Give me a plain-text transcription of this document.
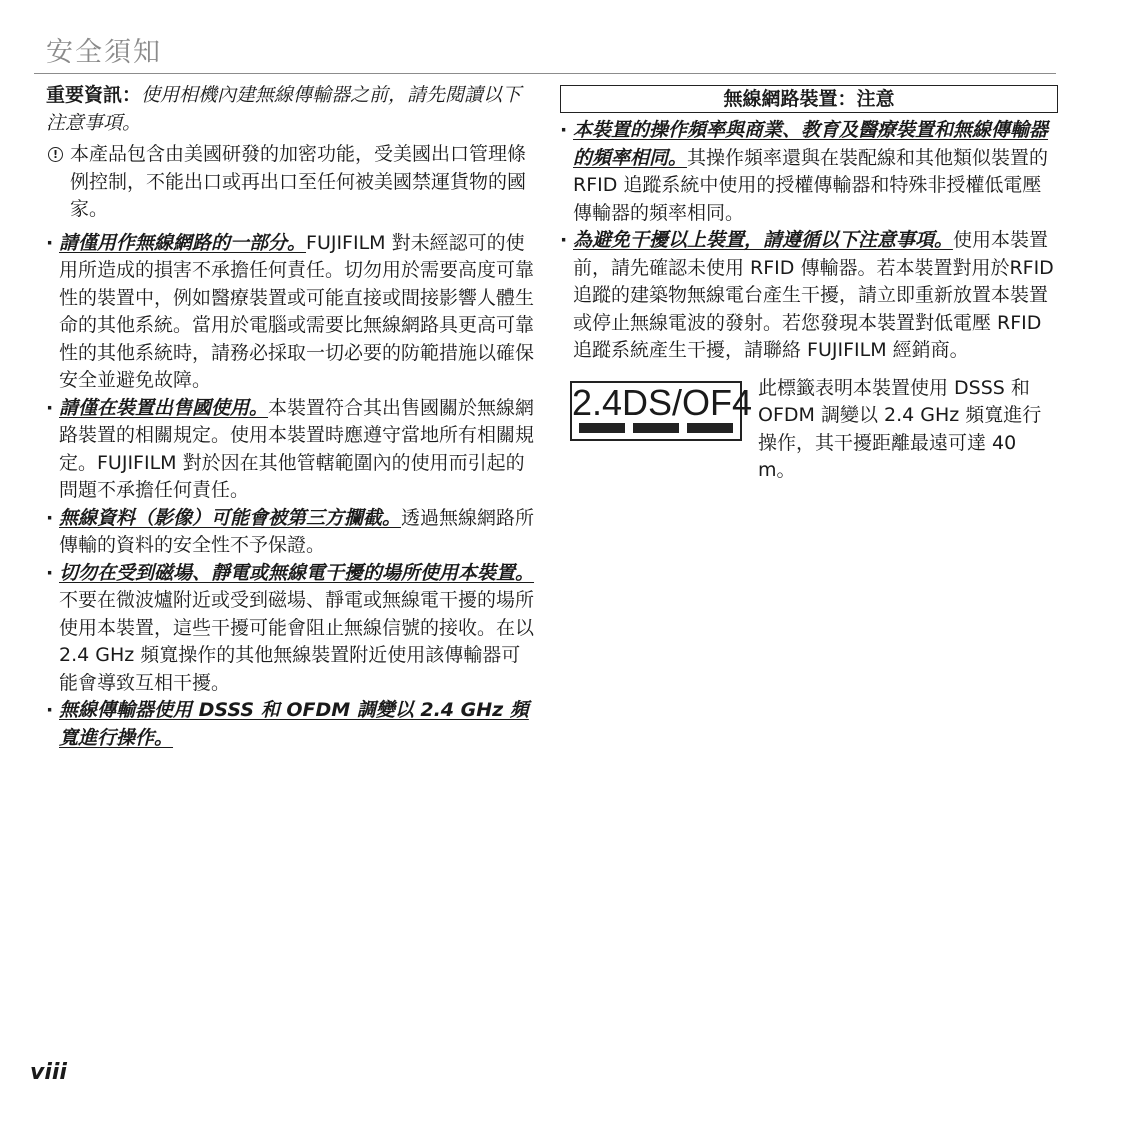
安全須知

重要資訊：使用相機內建無線傳輸器之前，請先閱讀以下注意事項。

! 本產品包含由美國研發的加密功能，受美國出口管理條例控制，不能出口或再出口至任何被美國禁運貨物的國家。
· 請僅用作無線網路的一部分。FUJIFILM 對未經認可的使用所造成的損害不承擔任何責任。切勿用於需要高度可靠性的裝置中，例如醫療裝置或可能直接或間接影響人體生命的其他系統。當用於電腦或需要比無線網路具更高可靠性的其他系統時，請務必採取一切必要的防範措施以確保安全並避免故障。
· 請僅在裝置出售國使用。本裝置符合其出售國關於無線網路裝置的相關規定。使用本裝置時應遵守當地所有相關規定。FUJIFILM 對於因在其他管轄範圍內的使用而引起的問題不承擔任何責任。
· 無線資料（影像）可能會被第三方攔截。透過無線網路所傳輸的資料的安全性不予保證。
· 切勿在受到磁場、靜電或無線電干擾的場所使用本裝置。不要在微波爐附近或受到磁場、靜電或無線電干擾的場所使用本裝置，這些干擾可能會阻止無線信號的接收。在以 2.4 GHz 頻寬操作的其他無線裝置附近使用該傳輸器可能會導致互相干擾。
· 無線傳輸器使用 DSSS 和 OFDM 調變以 2.4 GHz 頻寬進行操作。
無線網路裝置：注意
· 本裝置的操作頻率與商業、教育及醫療裝置和無線傳輸器的頻率相同。其操作頻率還與在裝配線和其他類似裝置的 RFID 追蹤系統中使用的授權傳輸器和特殊非授權低電壓傳輸器的頻率相同。
· 為避免干擾以上裝置，請遵循以下注意事項。使用本裝置前，請先確認未使用 RFID 傳輸器。若本裝置對用於RFID追蹤的建築物無線電台產生干擾，請立即重新放置本裝置或停止無線電波的發射。若您發現本裝置對低電壓 RFID 追蹤系統產生干擾，請聯絡 FUJIFILM 經銷商。
2.4DS/OF4 此標籤表明本裝置使用 DSSS 和 OFDM 調變以 2.4 GHz 頻寬進行操作，其干擾距離最遠可達 40 m。
viii
